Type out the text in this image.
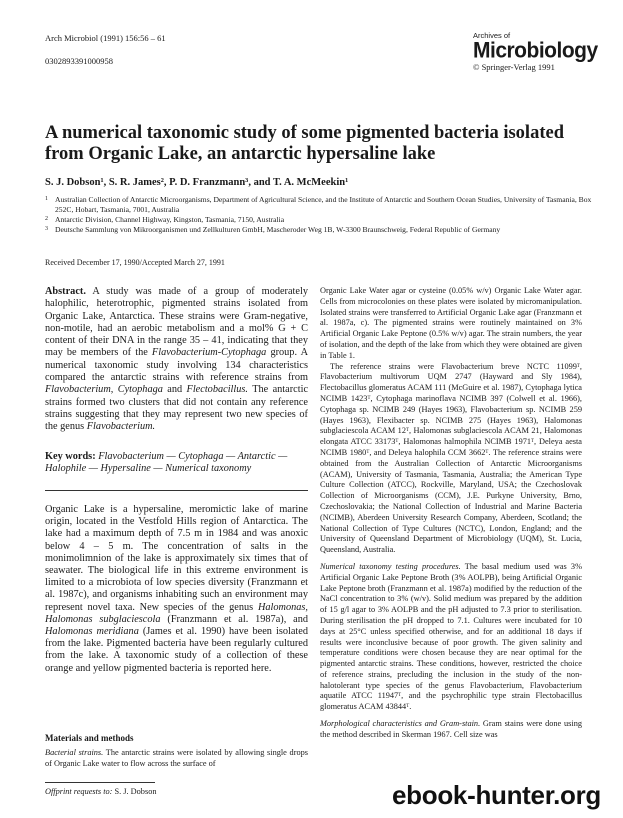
Arch Microbiol (1991) 156:56 – 61
0302893391000958
Archives of
Microbiology
© Springer-Verlag 1991
A numerical taxonomic study of some pigmented bacteria isolated from Organic Lake, an antarctic hypersaline lake
S. J. Dobson¹, S. R. James², P. D. Franzmann³, and T. A. McMeekin¹
1 Australian Collection of Antarctic Microorganisms, Department of Agricultural Science, and the Institute of Antarctic and Southern Ocean Studies, University of Tasmania, Box 252C, Hobart, Tasmania, 7001, Australia
2 Antarctic Division, Channel Highway, Kingston, Tasmania, 7150, Australia
3 Deutsche Sammlung von Mikroorganismen und Zellkulturen GmbH, Mascheroder Weg 1B, W-3300 Braunschweig, Federal Republic of Germany
Received December 17, 1990/Accepted March 27, 1991
Abstract. A study was made of a group of moderately halophilic, heterotrophic, pigmented strains isolated from Organic Lake, Antarctica. These strains were Gram-negative, non-motile, had an aerobic metabolism and a mol% G + C content of their DNA in the range 35 – 41, indicating that they may be members of the Flavobacterium-Cytophaga group. A numerical taxonomic study involving 134 characteristics compared the antarctic strains with reference strains from Flavobacterium, Cytophaga and Flectobacillus. The antarctic strains formed two clusters that did not contain any reference strains suggesting that they may represent two new species of the genus Flavobacterium.
Key words: Flavobacterium — Cytophaga — Antarctic — Halophile — Hypersaline — Numerical taxonomy
Organic Lake is a hypersaline, meromictic lake of marine origin, located in the Vestfold Hills region of Antarctica. The lake had a maximum depth of 7.5 m in 1984 and was anoxic below 4 – 5 m. The concentration of salts in the monimolimnion of the lake is approximately six times that of seawater. The biological life in this extreme environment is limited to a microbiota of low species diversity (Franzmann et al. 1987c), and organisms inhabiting such an environment may represent novel taxa. New species of the genus Halomonas, Halomonas subglaciescola (Franzmann et al. 1987a), and Halomonas meridiana (James et al. 1990) have been isolated from the lake. Pigmented bacteria have been regularly cultured from the lake. A taxonomic study of a collection of these orange and yellow pigmented bacteria is reported here.
Materials and methods
Bacterial strains. The antarctic strains were isolated by allowing single drops of Organic Lake water to flow across the surface of
Offprint requests to: S. J. Dobson

Organic Lake Water agar or cysteine (0.05% w/v) Organic Lake Water agar. Cells from microcolonies on these plates were isolated by micromanipulation. Isolated strains were transferred to Artificial Organic Lake agar (Franzmann et al. 1987a, c). The pigmented strains were routinely maintained on 3% Artificial Organic Lake Peptone (0.5% w/v) agar. The strain numbers, the year of isolation, and the depth of the lake from which they were obtained are given in Table 1.

The reference strains were Flavobacterium breve NCTC 11099ᵀ, Flavobacterium multivorum UQM 2747 (Hayward and Sly 1984), Flectobacillus glomeratus ACAM 111 (McGuire et al. 1987), Cytophaga lytica NCIMB 1423ᵀ, Cytophaga marinoflava NCIMB 397 (Colwell et al. 1966), Cytophaga sp. NCIMB 249 (Hayes 1963), Flavobacterium sp. NCIMB 259 (Hayes 1963), Flexibacter sp. NCIMB 275 (Hayes 1963), Halomonas subglaciescola ACAM 12ᵀ, Halomonas subglaciescola ACAM 21, Halomonas elongata ATCC 33173ᵀ, Halomonas halmophila NCIMB 1971ᵀ, Deleya aesta NCIMB 1980ᵀ, and Deleya halophila CCM 3662ᵀ. The reference strains were obtained from the Australian Collection of Antarctic Microorganisms (ACAM), University of Tasmania, Tasmania, Australia; the American Type Culture Collection (ATCC), Rockville, Maryland, USA; the Czechoslovak Collection of Microorganisms (CCM), J.E. Purkyne University, Brno, Czechoslovakia; the National Collection of Industrial and Marine Bacteria (NCIMB), Aberdeen University Research Company, Aberdeen, Scotland; the National Collection of Type Cultures (NCTC), London, England; and the University of Queensland Department of Microbiology (UQM), St. Lucia, Queensland, Australia.

Numerical taxonomy testing procedures. The basal medium used was 3% Artificial Organic Lake Peptone Broth (3% AOLPB), being Artificial Organic Lake Peptone broth (Franzmann et al. 1987a) modified by the reduction of the NaCl concentration to 3% (w/v). Solid medium was prepared by the addition of 15 g/l agar to 3% AOLPB and the pH adjusted to 7.3 prior to sterilisation. During sterilisation the pH dropped to 7.1. Cultures were incubated for 10 days at 25°C unless specified otherwise, and for an additional 18 days if results were inconclusive because of poor growth. The given salinity and temperature conditions were chosen because they are near optimal for the pigmented antarctic strains. These conditions, however, restricted the choice of reference strains, precluding the inclusion in the study of the non-halotolerant type species of the genus Flavobacterium, Flavobacterium aquatile ATCC 11947ᵀ, and the psychrophilic type strain Flectobacillus glomeratus ACAM 43844ᵀ.

Morphological characteristics and Gram-stain. Gram stains were done using the method described in Skerman 1967. Cell size was

ebook-hunter.org
